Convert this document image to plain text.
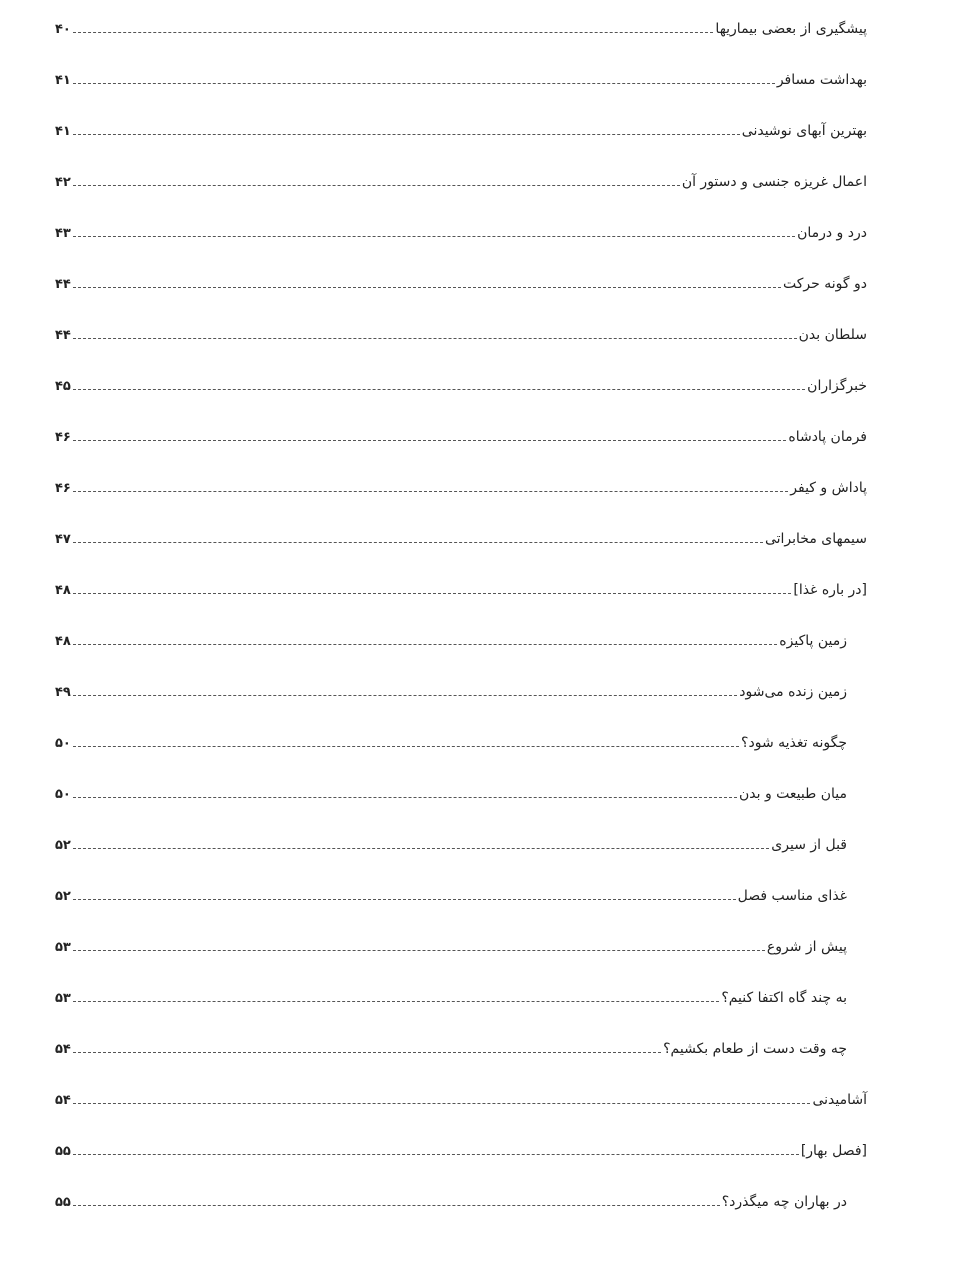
پیشگیری از بعضی بیماریها
۴۰
بهداشت مسافر
۴۱
بهترین آبهای نوشیدنی
۴۱
اعمال غریزه جنسی و دستور آن
۴۲
درد و درمان
۴۳
دو گونه حرکت
۴۴
سلطان بدن
۴۴
خبرگزاران
۴۵
فرمان پادشاه
۴۶
پاداش و کیفر
۴۶
سیمهای مخابراتی
۴۷
[در باره غذا]
۴۸
زمین پاکیزه
۴۸
زمین زنده می‌شود
۴۹
چگونه تغذیه شود؟
۵۰
میان طبیعت و بدن
۵۰
قبل از سیری
۵۲
غذای مناسب فصل
۵۲
پیش از شروع
۵۳
به چند گاه اکتفا کنیم؟
۵۳
چه وقت دست از طعام بکشیم؟
۵۴
آشامیدنی
۵۴
[فصل بهار]
۵۵
در بهاران چه میگذرد؟
۵۵
